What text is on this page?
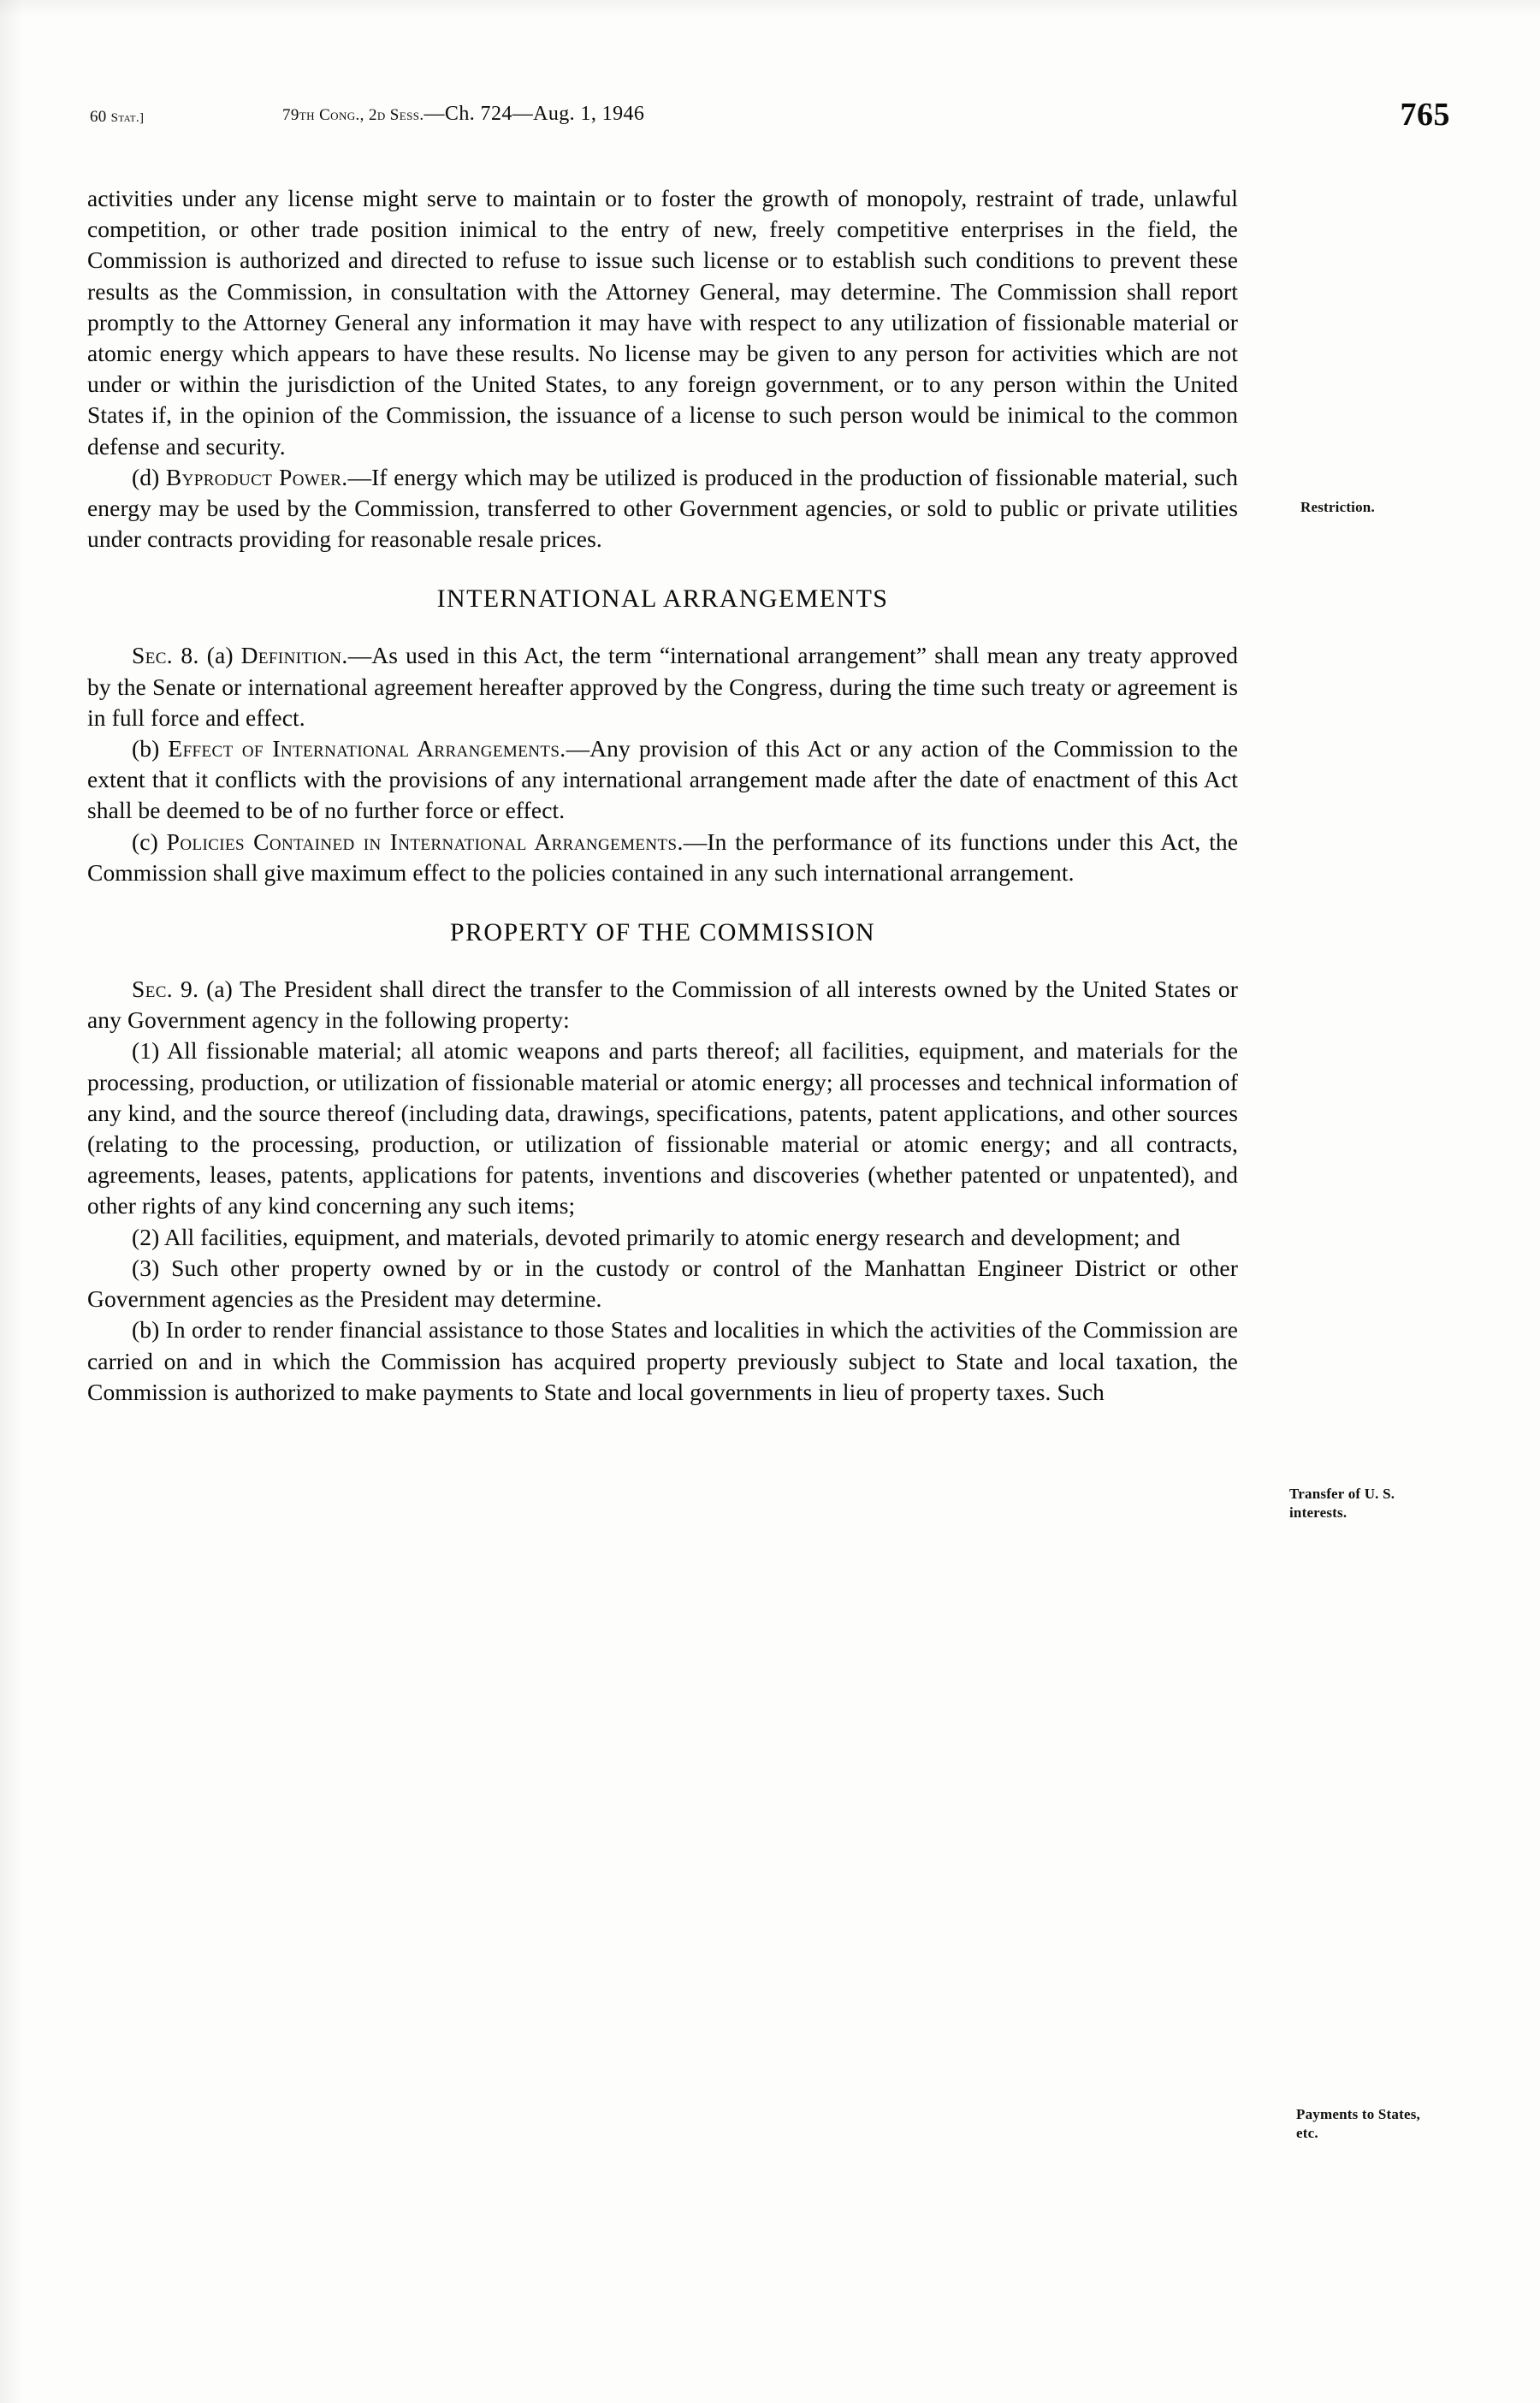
60 Stat.]	79th Cong., 2d Sess.—Ch. 724—Aug. 1, 1946	765

activities under any license might serve to maintain or to foster the growth of monopoly, restraint of trade, unlawful competition, or other trade position inimical to the entry of new, freely competitive enterprises in the field, the Commission is authorized and directed to refuse to issue such license or to establish such conditions to prevent these results as the Commission, in consultation with the Attorney General, may determine. The Commission shall report promptly to the Attorney General any information it may have with respect to any utilization of fissionable material or atomic energy which appears to have these results. No license may be given to any person for activities which are not under or within the jurisdiction of the United States, to any foreign government, or to any person within the United States if, in the opinion of the Commission, the issuance of a license to such person would be inimical to the common defense and security.

(d) Byproduct Power.—If energy which may be utilized is produced in the production of fissionable material, such energy may be used by the Commission, transferred to other Government agencies, or sold to public or private utilities under contracts providing for reasonable resale prices.

INTERNATIONAL ARRANGEMENTS

Sec. 8. (a) Definition.—As used in this Act, the term “international arrangement” shall mean any treaty approved by the Senate or international agreement hereafter approved by the Congress, during the time such treaty or agreement is in full force and effect.

(b) Effect of International Arrangements.—Any provision of this Act or any action of the Commission to the extent that it conflicts with the provisions of any international arrangement made after the date of enactment of this Act shall be deemed to be of no further force or effect.

(c) Policies Contained in International Arrangements.—In the performance of its functions under this Act, the Commission shall give maximum effect to the policies contained in any such international arrangement.

PROPERTY OF THE COMMISSION

Sec. 9. (a) The President shall direct the transfer to the Commission of all interests owned by the United States or any Government agency in the following property:

(1) All fissionable material; all atomic weapons and parts thereof; all facilities, equipment, and materials for the processing, production, or utilization of fissionable material or atomic energy; all processes and technical information of any kind, and the source thereof (including data, drawings, specifications, patents, patent applications, and other sources (relating to the processing, production, or utilization of fissionable material or atomic energy; and all contracts, agreements, leases, patents, applications for patents, inventions and discoveries (whether patented or unpatented), and other rights of any kind concerning any such items;

(2) All facilities, equipment, and materials, devoted primarily to atomic energy research and development; and

(3) Such other property owned by or in the custody or control of the Manhattan Engineer District or other Government agencies as the President may determine.

(b) In order to render financial assistance to those States and localities in which the activities of the Commission are carried on and in which the Commission has acquired property previously subject to State and local taxation, the Commission is authorized to make payments to State and local governments in lieu of property taxes. Such

Restriction.
Transfer of U. S.
interests.
Payments to States,
etc.
